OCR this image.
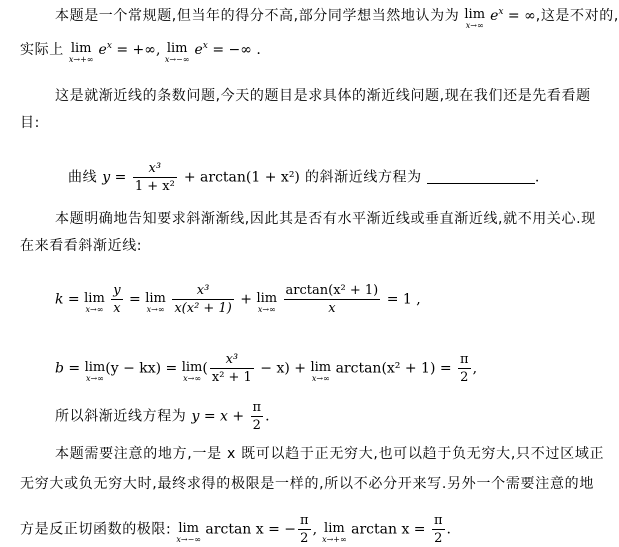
本题是一个常规题,但当年的得分不高,部分同学想当然地认为为 lim
x→∞
$e^x$ = ∞,这是不对的,
实际上 lim
x→+∞
$e^x$ = +∞, lim
x→−∞
$e^x$ = −∞ .
这是就渐近线的条数问题,今天的题目是求具体的渐近线问题,现在我们还是先看看题
目:
曲线 $y = \frac{\text{x³}}{\text{1 + x²}} + \arctan(1 + x^2)$ 的斜渐近线方程为	.
本题明确地告知要求斜渐渐线,因此其是否有水平渐近线或垂直渐近线,就不用关心.现
在来看看斜渐近线:
k = lim
x→∞
$\frac{y}{x} = \lim$
x→∞
$\frac{\text{x³}}{\text{x(x² + 1)}} + \lim$
x→∞
$\frac{\text{arctan(x² + 1)}}{x} = 1$ ,
b = lim
x→∞
(y − kx) = lim
x→∞
( $\frac{\text{x³}}{\text{x² + 1}} - x) + \lim$
x→∞
$\arctan(x^2 + 1) = \frac{\pi}{2}$ ,
所以斜渐近线方程为 $y = x + \frac{\pi}{2}$ .
本题需要注意的地方,一是 x 既可以趋于正无穷大,也可以趋于负无穷大,只不过区域正
无穷大或负无穷大时,最终求得的极限是一样的,所以不必分开来写.另外一个需要注意的地
方是反正切函数的极限: lim
x→−∞
arctan x = − $\frac{\pi}{2}$ , lim
x→+∞
$\arctan x = \frac{\pi}{2}$ .
